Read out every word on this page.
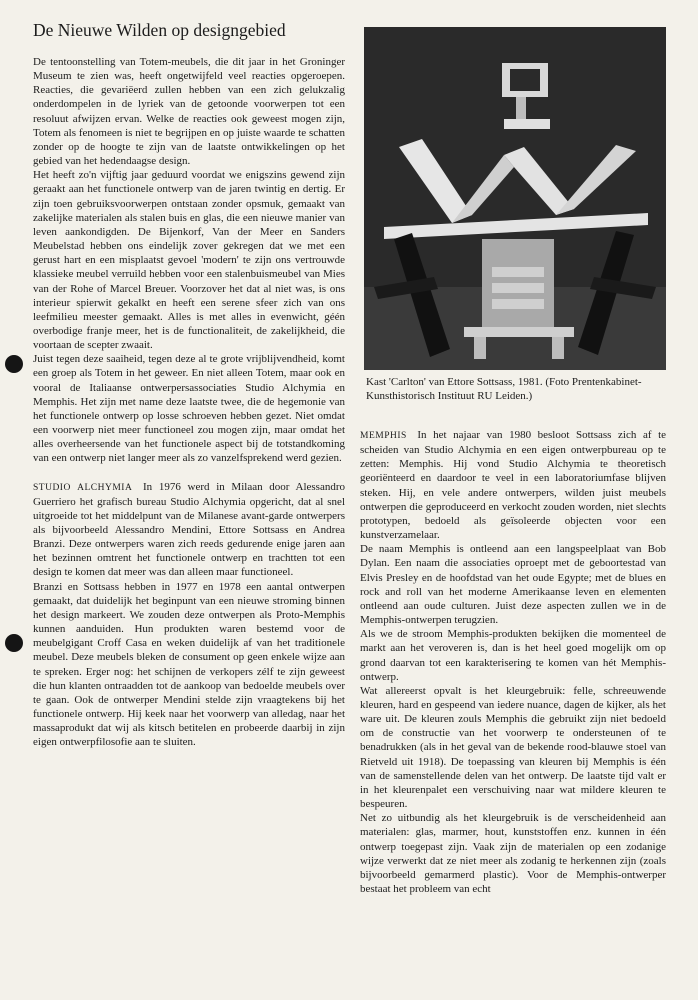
De Nieuwe Wilden op designgebied

De tentoonstelling van Totem-meubels, die dit jaar in het Groninger Museum te zien was, heeft ongetwijfeld veel reacties opgeroepen. Reacties, die gevariëerd zullen hebben van een zich gelukzalig onderdompelen in de lyriek van de getoonde voorwerpen tot een resoluut afwijzen ervan. Welke de reacties ook geweest mogen zijn, Totem als fenomeen is niet te begrijpen en op juiste waarde te schatten zonder op de hoogte te zijn van de laatste ontwikkelingen op het gebied van het hedendaagse design.

Het heeft zo'n vijftig jaar geduurd voordat we enigszins gewend zijn geraakt aan het functionele ontwerp van de jaren twintig en dertig. Er zijn toen gebruiksvoorwerpen ontstaan zonder opsmuk, gemaakt van zakelijke materialen als stalen buis en glas, die een nieuwe manier van leven aankondigden. De Bijenkorf, Van der Meer en Sanders Meubelstad hebben ons eindelijk zover gekregen dat we met een gerust hart en een misplaatst gevoel 'modern' te zijn ons vertrouwde klassieke meubel verruild hebben voor een stalenbuismeubel van Mies van der Rohe of Marcel Breuer. Voorzover het dat al niet was, is ons interieur spierwit gekalkt en heeft een serene sfeer zich van ons leefmilieu meester gemaakt. Alles is met alles in evenwicht, géén overbodige franje meer, het is de functionaliteit, de zakelijkheid, die voortaan de scepter zwaait.

Juist tegen deze saaiheid, tegen deze al te grote vrijblijvendheid, komt een groep als Totem in het geweer. En niet alleen Totem, maar ook en vooral de Italiaanse ontwerpersassociaties Studio Alchymia en Memphis. Het zijn met name deze laatste twee, die de hegemonie van het functionele ontwerp op losse schroeven hebben gezet. Niet omdat een voorwerp niet meer functioneel zou mogen zijn, maar omdat het alles overheersende van het functionele aspect bij de totstandkoming van een ontwerp niet langer meer als zo vanzelfsprekend werd gezien.

STUDIO ALCHYMIA In 1976 werd in Milaan door Alessandro Guerriero het grafisch bureau Studio Alchymia opgericht, dat al snel uitgroeide tot het middelpunt van de Milanese avant-garde ontwerpers als bijvoorbeeld Alessandro Mendini, Ettore Sottsass en Andrea Branzi. Deze ontwerpers waren zich reeds gedurende enige jaren aan het bezinnen omtrent het functionele ontwerp en trachtten tot een design te komen dat meer was dan alleen maar functioneel.

Branzi en Sottsass hebben in 1977 en 1978 een aantal ontwerpen gemaakt, dat duidelijk het beginpunt van een nieuwe stroming binnen het design markeert. We zouden deze ontwerpen als Proto-Memphis kunnen aanduiden. Hun produkten waren bestemd voor de meubelgigant Croff Casa en weken duidelijk af van het traditionele meubel. Deze meubels bleken de consument op geen enkele wijze aan te spreken. Erger nog: het schijnen de verkopers zélf te zijn geweest die hun klanten ontraadden tot de aankoop van bedoelde meubels over te gaan. Ook de ontwerper Mendini stelde zijn vraagtekens bij het functionele ontwerp. Hij keek naar het voorwerp van alledag, naar het massaprodukt dat wij als kitsch betitelen en probeerde daarbij in zijn eigen ontwerpfilosofie aan te sluiten.

Kast 'Carlton' van Ettore Sottsass, 1981. (Foto Prentenkabinet-Kunsthistorisch Instituut RU Leiden.)

MEMPHIS In het najaar van 1980 besloot Sottsass zich af te scheiden van Studio Alchymia en een eigen ontwerpbureau op te zetten: Memphis. Hij vond Studio Alchymia te theoretisch georiënteerd en daardoor te veel in een laboratoriumfase blijven steken. Hij, en vele andere ontwerpers, wilden juist meubels ontwerpen die geproduceerd en verkocht zouden worden, niet slechts prototypen, bedoeld als geïsoleerde objecten voor een kunstverzamelaar.

De naam Memphis is ontleend aan een langspeelplaat van Bob Dylan. Een naam die associaties oproept met de geboortestad van Elvis Presley en de hoofdstad van het oude Egypte; met de blues en rock and roll van het moderne Amerikaanse leven en elementen ontleend aan oude culturen. Juist deze aspecten zullen we in de Memphis-ontwerpen terugzien.

Als we de stroom Memphis-produkten bekijken die momenteel de markt aan het veroveren is, dan is het heel goed mogelijk om op grond daarvan tot een karakterisering te komen van hét Memphis-ontwerp.

Wat allereerst opvalt is het kleurgebruik: felle, schreeuwende kleuren, hard en gespeend van iedere nuance, dagen de kijker, als het ware uit. De kleuren zouls Memphis die gebruikt zijn niet bedoeld om de constructie van het voorwerp te ondersteunen of te benadrukken (als in het geval van de bekende rood-blauwe stoel van Rietveld uit 1918). De toepassing van kleuren bij Memphis is één van de samenstellende delen van het ontwerp. De laatste tijd valt er in het kleurenpalet een verschuiving naar wat mildere kleuren te bespeuren.

Net zo uitbundig als het kleurgebruik is de verscheidenheid aan materialen: glas, marmer, hout, kunststoffen enz. kunnen in één ontwerp toegepast zijn. Vaak zijn de materialen op een zodanige wijze verwerkt dat ze niet meer als zodanig te herkennen zijn (zoals bijvoorbeeld gemarmerd plastic). Voor de Memphis-ontwerper bestaat het probleem van echt
